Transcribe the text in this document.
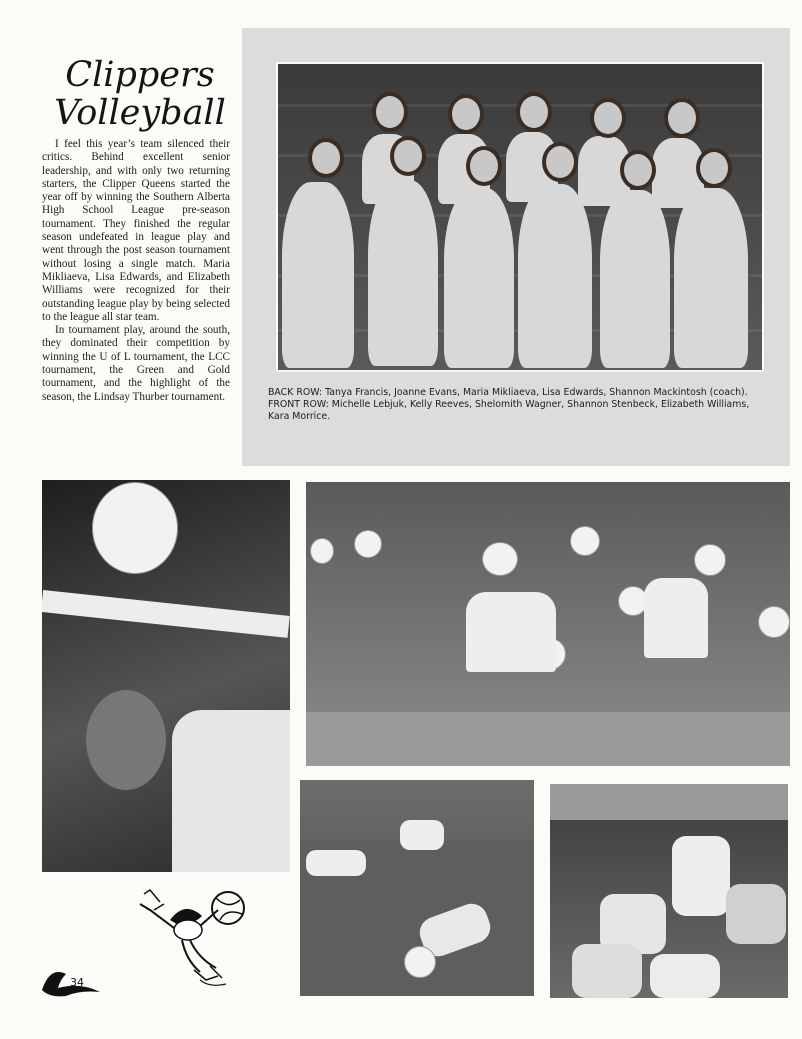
Clippers
Volleyball

I feel this year’s team silenced their critics. Behind excellent senior leadership, and with only two returning starters, the Clipper Queens started the year off by winning the Southern Alberta High School League pre-season tournament. They finished the regular season undefeated in league play and went through the post season tournament without losing a single match. Maria Mikliaeva, Lisa Edwards, and Elizabeth Williams were recognized for their outstanding league play by being selected to the league all star team.

In tournament play, around the south, they dominated their competition by winning the U of L tournament, the LCC tournament, the Green and Gold tournament, and the highlight of the season, the Lindsay Thurber tournament.	BACK ROW: Tanya Francis, Joanne Evans, Maria Mikliaeva, Lisa Edwards, Shannon Mackintosh (coach).
FRONT ROW: Michelle Lebjuk, Kelly Reeves, Shelomith Wagner, Shannon Stenbeck, Elizabeth Williams, Kara Morrice.
34
